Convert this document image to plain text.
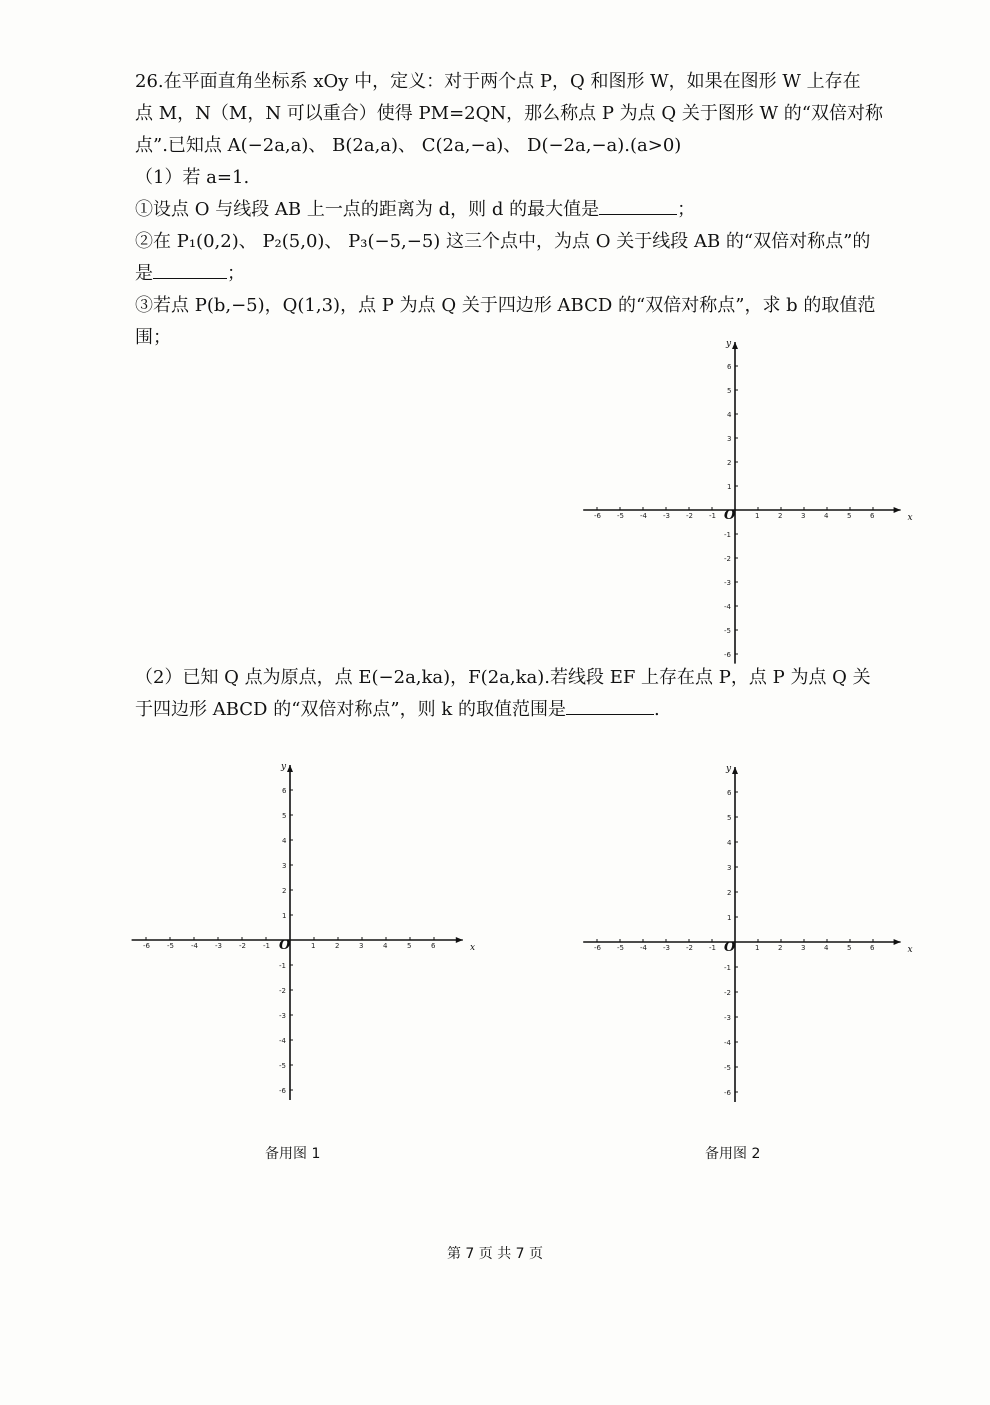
26.在平面直角坐标系 xOy 中，定义：对于两个点 P，Q 和图形 W，如果在图形 W 上存在
点 M，N（M，N 可以重合）使得 PM=2QN，那么称点 P 为点 Q 关于图形 W 的“双倍对称
点”.已知点 A(−2a,a)、 B(2a,a)、 C(2a,−a)、 D(−2a,−a).(a>0)
（1）若 a=1.
①设点 O 与线段 AB 上一点的距离为 d，则 d 的最大值是	；
②在 P₁(0,2)、 P₂(5,0)、 P₃(−5,−5) 这三个点中，为点 O 关于线段 AB 的“双倍对称点”的
是	；
③若点 P(b,−5)，Q(1,3)，点 P 为点 Q 关于四边形 ABCD 的“双倍对称点”，求 b 的取值范
围；
（2）已知 Q 点为原点，点 E(−2a,ka)，F(2a,ka).若线段 EF 上存在点 P，点 P 为点 Q 关
于四边形 ABCD 的“双倍对称点”，则 k 的取值范围是	.
x
y
O
-6 -5 -4 -3 -2 -1	1	2	3	4	5	6
1
2
3
4
5
6
-1
-2
-3
-4
-5
-6
x
y
O
-6 -5 -4 -3 -2 -1	1	2	3	4	5	6
1
2
3
4
5
6
-1
-2
-3
-4
-5
-6
x
y
O
-6 -5 -4 -3 -2 -1	1	2	3	4	5	6
1
2
3
4
5
6
-1
-2
-3
-4
-5
-6
备用图 1	备用图 2
第 7 页 共 7 页
